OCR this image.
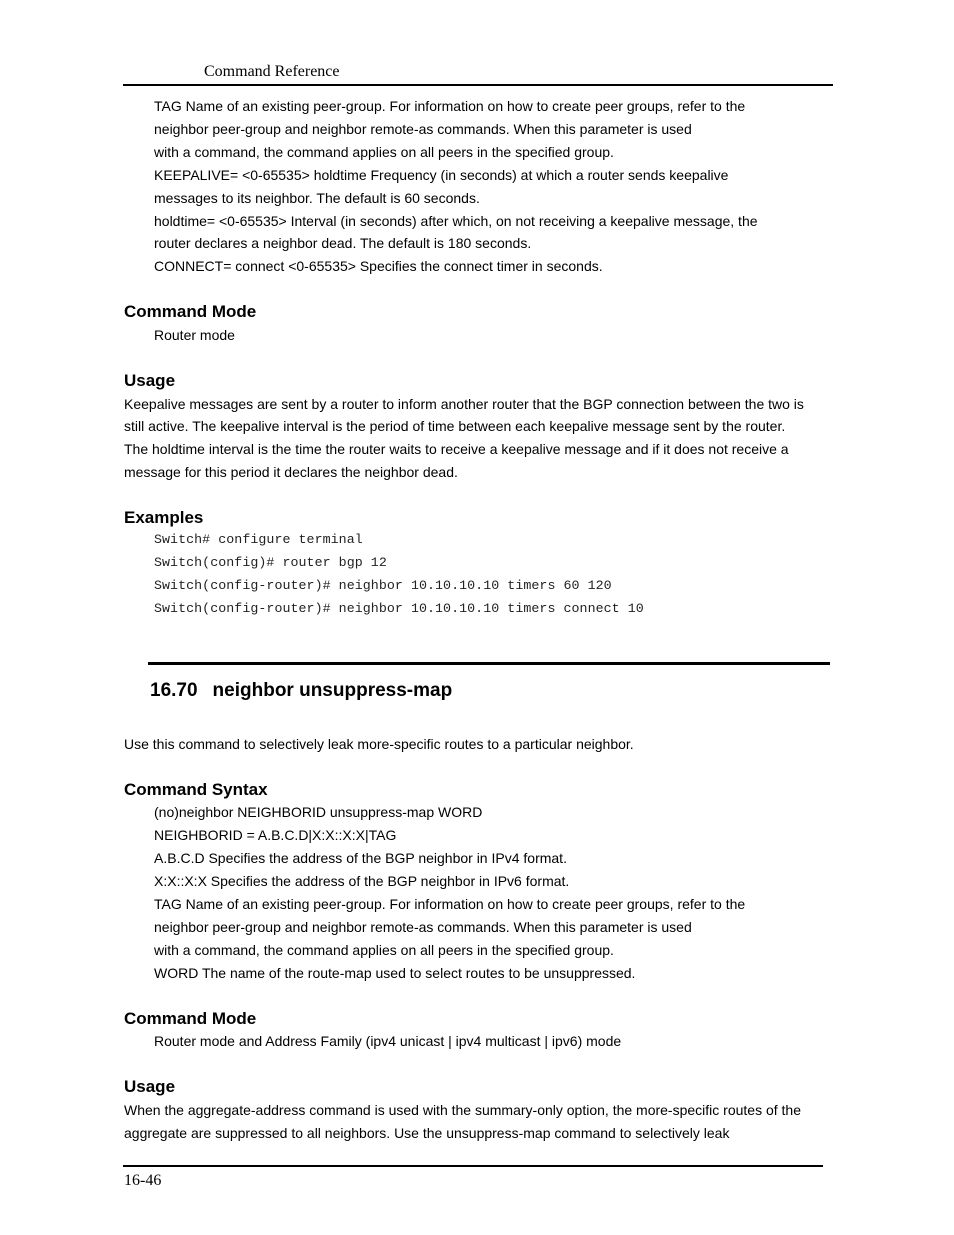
Command Reference
TAG Name of an existing peer-group. For information on how to create peer groups, refer to the
neighbor peer-group and neighbor remote-as commands. When this parameter is used
with a command, the command applies on all peers in the specified group.
KEEPALIVE= <0-65535> holdtime Frequency (in seconds) at which a router sends keepalive
messages to its neighbor. The default is 60 seconds.
holdtime= <0-65535> Interval (in seconds) after which, on not receiving a keepalive message, the
router declares a neighbor dead. The default is 180 seconds.
CONNECT= connect <0-65535> Specifies the connect timer in seconds.
Command Mode
Router mode
Usage
Keepalive messages are sent by a router to inform another router that the BGP connection between the two is
still active. The keepalive interval is the period of time between each keepalive message sent by the router.
The holdtime interval is the time the router waits to receive a keepalive message and if it does not receive a
message for this period it declares the neighbor dead.
Examples
Switch# configure terminal
Switch(config)# router bgp 12
Switch(config-router)# neighbor 10.10.10.10 timers 60 120
Switch(config-router)# neighbor 10.10.10.10 timers connect 10
16.70 neighbor unsuppress-map
Use this command to selectively leak more-specific routes to a particular neighbor.
Command Syntax
(no)neighbor NEIGHBORID unsuppress-map WORD
NEIGHBORID = A.B.C.D|X:X::X:X|TAG
A.B.C.D Specifies the address of the BGP neighbor in IPv4 format.
X:X::X:X Specifies the address of the BGP neighbor in IPv6 format.
TAG Name of an existing peer-group. For information on how to create peer groups, refer to the
neighbor peer-group and neighbor remote-as commands. When this parameter is used
with a command, the command applies on all peers in the specified group.
WORD The name of the route-map used to select routes to be unsuppressed.
Command Mode
Router mode and Address Family (ipv4 unicast | ipv4 multicast | ipv6) mode
Usage
When the aggregate-address command is used with the summary-only option, the more-specific routes of the
aggregate are suppressed to all neighbors. Use the unsuppress-map command to selectively leak
16-46
